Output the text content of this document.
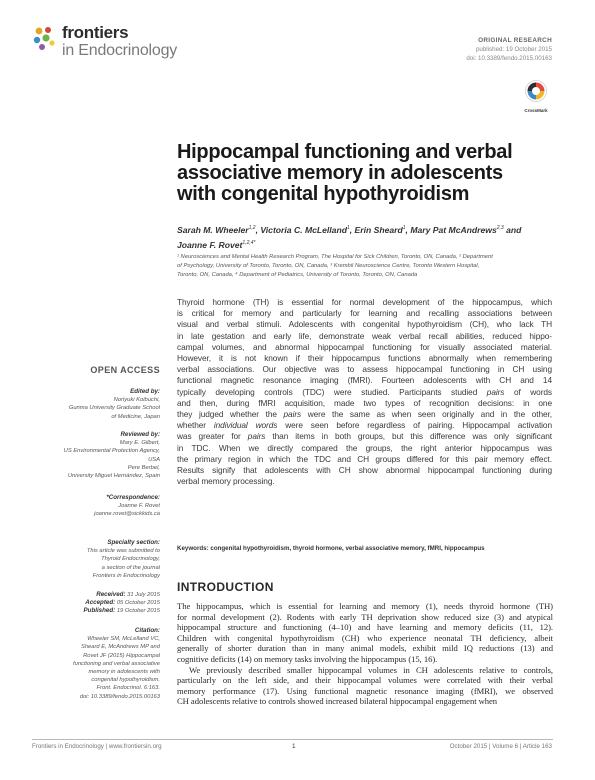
frontiers
in Endocrinology
ORIGINAL RESEARCH
published: 19 October 2015
doi: 10.3389/fendo.2015.00163
CrossMark
Hippocampal functioning and verbal
associative memory in adolescents
with congenital hypothyroidism
Sarah M. Wheeler$^{1,2}$, Victoria C. McLelland$^1$, Erin Sheard$^1$, Mary Pat McAndrews$^{2,3}$ and
Joanne F. Rovet$^{1,2,4*}$
¹ Neurosciences and Mental Health Research Program, The Hospital for Sick Children, Toronto, ON, Canada, ² Department
of Psychology, University of Toronto, Toronto, ON, Canada, ³ Krembil Neuroscience Centre, Toronto Western Hospital,
Toronto, ON, Canada, ⁴ Department of Pediatrics, University of Toronto, Toronto, ON, Canada
Thyroid hormone (TH) is essential for normal development of the hippocampus, which
is critical for memory and particularly for learning and recalling associations between
visual and verbal stimuli. Adolescents with congenital hypothyroidism (CH), who lack TH
in late gestation and early life, demonstrate weak verbal recall abilities, reduced hippo-
campal volumes, and abnormal hippocampal functioning for visually associated material.
However, it is not known if their hippocampus functions abnormally when remembering
verbal associations. Our objective was to assess hippocampal functioning in CH using
functional magnetic resonance imaging (fMRI). Fourteen adolescents with CH and 14
typically developing controls (TDC) were studied. Participants studied pairs of words
and then, during fMRI acquisition, made two types of recognition decisions: in one
they judged whether the pairs were the same as when seen originally and in the other,
whether individual words were seen before regardless of pairing. Hippocampal activation
was greater for pairs than items in both groups, but this difference was only significant
in TDC. When we directly compared the groups, the right anterior hippocampus was
the primary region in which the TDC and CH groups differed for this pair memory effect.
Results signify that adolescents with CH show abnormal hippocampal functioning during
verbal memory processing.
Keywords: congenital hypothyroidism, thyroid hormone, verbal associative memory, fMRI, hippocampus
OPEN ACCESS
Edited by:
Noriyuki Koibuchi,
Gunma University Graduate School
of Medicine, Japan
Reviewed by:
Mary E. Gilbert,
US Environmental Protection Agency,
USA
Pere Berbel,
University Miguel Hernández, Spain
*Correspondence:
Joanne F. Rovet
joanne.rovet@sickkids.ca
Specialty section:
This article was submitted to
Thyroid Endocrinology,
a section of the journal
Frontiers in Endocrinology
Received: 31 July 2015
Accepted: 05 October 2015
Published: 19 October 2015
Citation:
Wheeler SM, McLelland VC,
Sheard E, McAndrews MP and
Rovet JF (2015) Hippocampal
functioning and verbal associative
memory in adolescents with
congenital hypothyroidism.
Front. Endocrinol. 6:163.
doi: 10.3389/fendo.2015.00163
INTRODUCTION

The hippocampus, which is essential for learning and memory (1), needs thyroid hormone (TH)
for normal development (2). Rodents with early TH deprivation show reduced size (3) and atypical
hippocampal structure and functioning (4–10) and have learning and memory deficits (11, 12).
Children with congenital hypothyroidism (CH) who experience neonatal TH deficiency, albeit
generally of shorter duration than in many animal models, exhibit mild IQ reductions (13) and
cognitive deficits (14) on memory tasks involving the hippocampus (15, 16).

We previously described smaller hippocampal volumes in CH adolescents relative to controls,
particularly on the left side, and their hippocampal volumes were correlated with their verbal
memory performance (17). Using functional magnetic resonance imaging (fMRI), we observed
CH adolescents relative to controls showed increased bilateral hippocampal engagement when

Frontiers in Endocrinology | www.frontiersin.org	1	October 2015 | Volume 6 | Article 163
